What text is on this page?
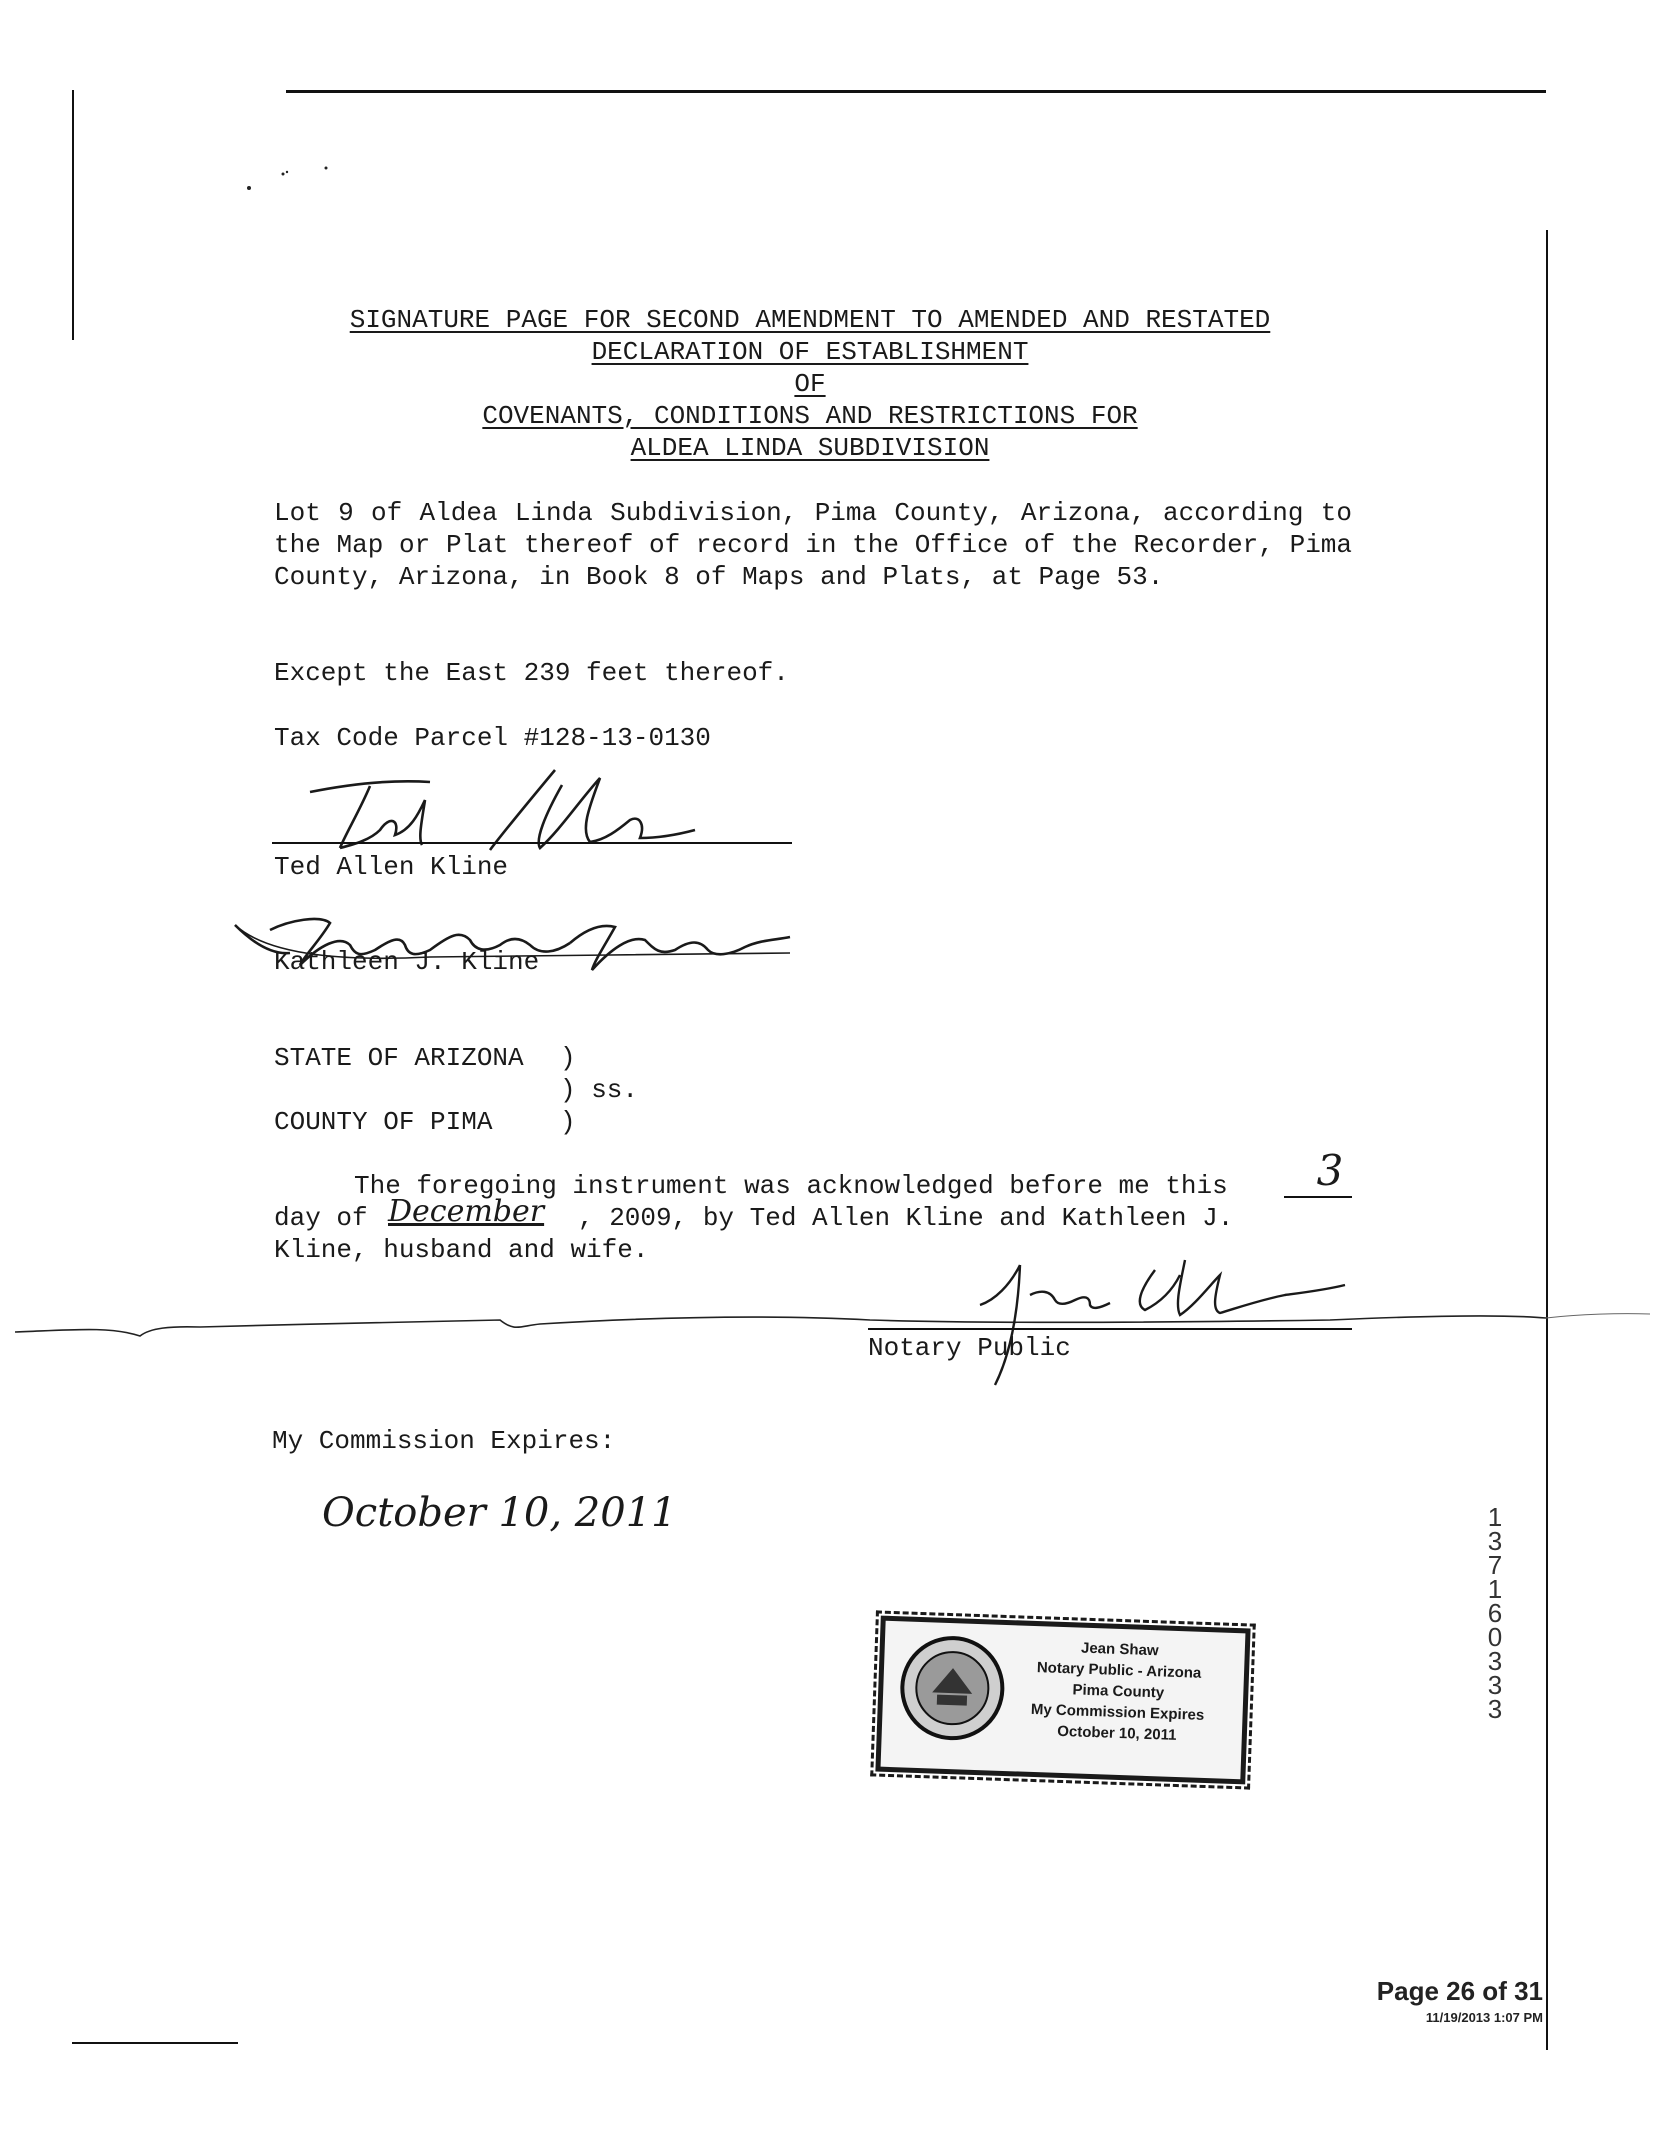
SIGNATURE PAGE FOR SECOND AMENDMENT TO AMENDED AND RESTATED
DECLARATION OF ESTABLISHMENT
OF
COVENANTS, CONDITIONS AND RESTRICTIONS FOR
ALDEA LINDA SUBDIVISION
Lot 9 of Aldea Linda Subdivision, Pima County, Arizona, according to the Map or Plat thereof of record in the Office of the Recorder, Pima County, Arizona, in Book 8 of Maps and Plats, at Page 53.
Except the East 239 feet thereof.
Tax Code Parcel #128-13-0130
Ted Allen Kline
Kathleen J. Kline
STATE OF ARIZONA )
) ss.
COUNTY OF PIMA	)
The foregoing instrument was acknowledged before me this 3
day of December , 2009, by Ted Allen Kline and Kathleen J.
Kline, husband and wife.
Notary Public
My Commission Expires:
October 10, 2011	13716 0333
Jean Shaw
Notary Public - Arizona
Pima County
My Commission Expires
October 10, 2011
Page 26 of 31
11/19/2013 1:07 PM
